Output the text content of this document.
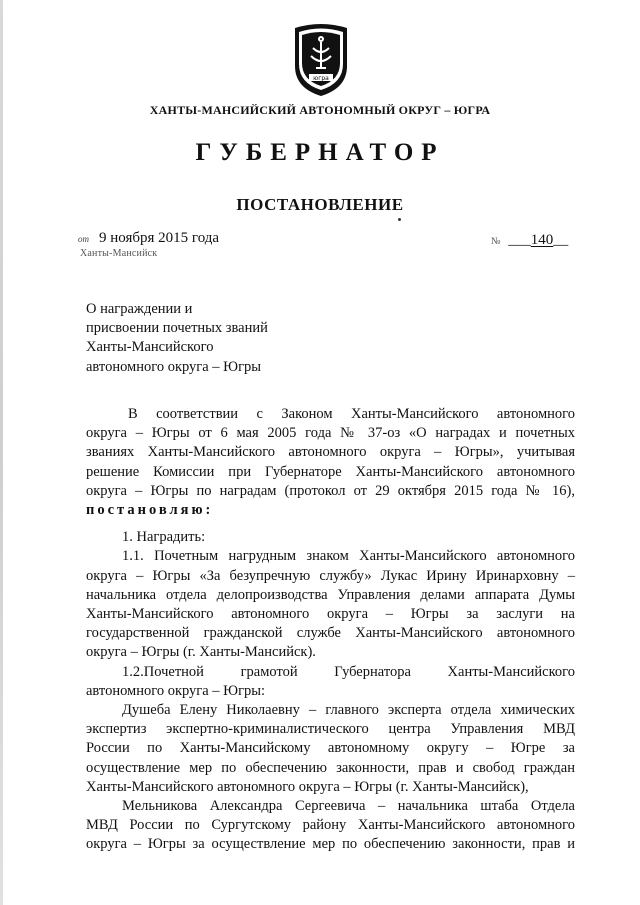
югра
ХАНТЫ-МАНСИЙСКИЙ АВТОНОМНЫЙ ОКРУГ – ЮГРА
ГУБЕРНАТОР
ПОСТАНОВЛЕНИЕ
от 9 ноября 2015 года
Ханты-Мансийск
№ ___140__
О награждении и
присвоении почетных званий
Ханты-Мансийского
автономного округа – Югры

В соответствии с Законом Ханты-Мансийского автономного

округа – Югры от 6 мая 2005 года № 37-оз «О наградах и почетных

званиях Ханты-Мансийского автономного округа – Югры», учитывая

решение Комиссии при Губернаторе Ханты-Мансийского автономного

округа – Югры по наградам (протокол от 29 октября 2015 года № 16),

постановляю:

1. Наградить:

1.1. Почетным нагрудным знаком Ханты-Мансийского автономного

округа – Югры «За безупречную службу» Лукас Ирину Иринарховну –

начальника отдела делопроизводства Управления делами аппарата Думы

Ханты-Мансийского автономного округа – Югры за заслуги на

государственной гражданской службе Ханты-Мансийского автономного

округа – Югры (г. Ханты-Мансийск).

1.2.Почетной грамотой Губернатора Ханты-Мансийского

автономного округа – Югры:

Душеба Елену Николаевну – главного эксперта отдела химических

экспертиз экспертно-криминалистического центра Управления МВД

России по Ханты-Мансийскому автономному округу – Югре за

осуществление мер по обеспечению законности, прав и свобод граждан

Ханты-Мансийского автономного округа – Югры (г. Ханты-Мансийск),

Мельникова Александра Сергеевича – начальника штаба Отдела

МВД России по Сургутскому району Ханты-Мансийского автономного

округа – Югры за осуществление мер по обеспечению законности, прав и
